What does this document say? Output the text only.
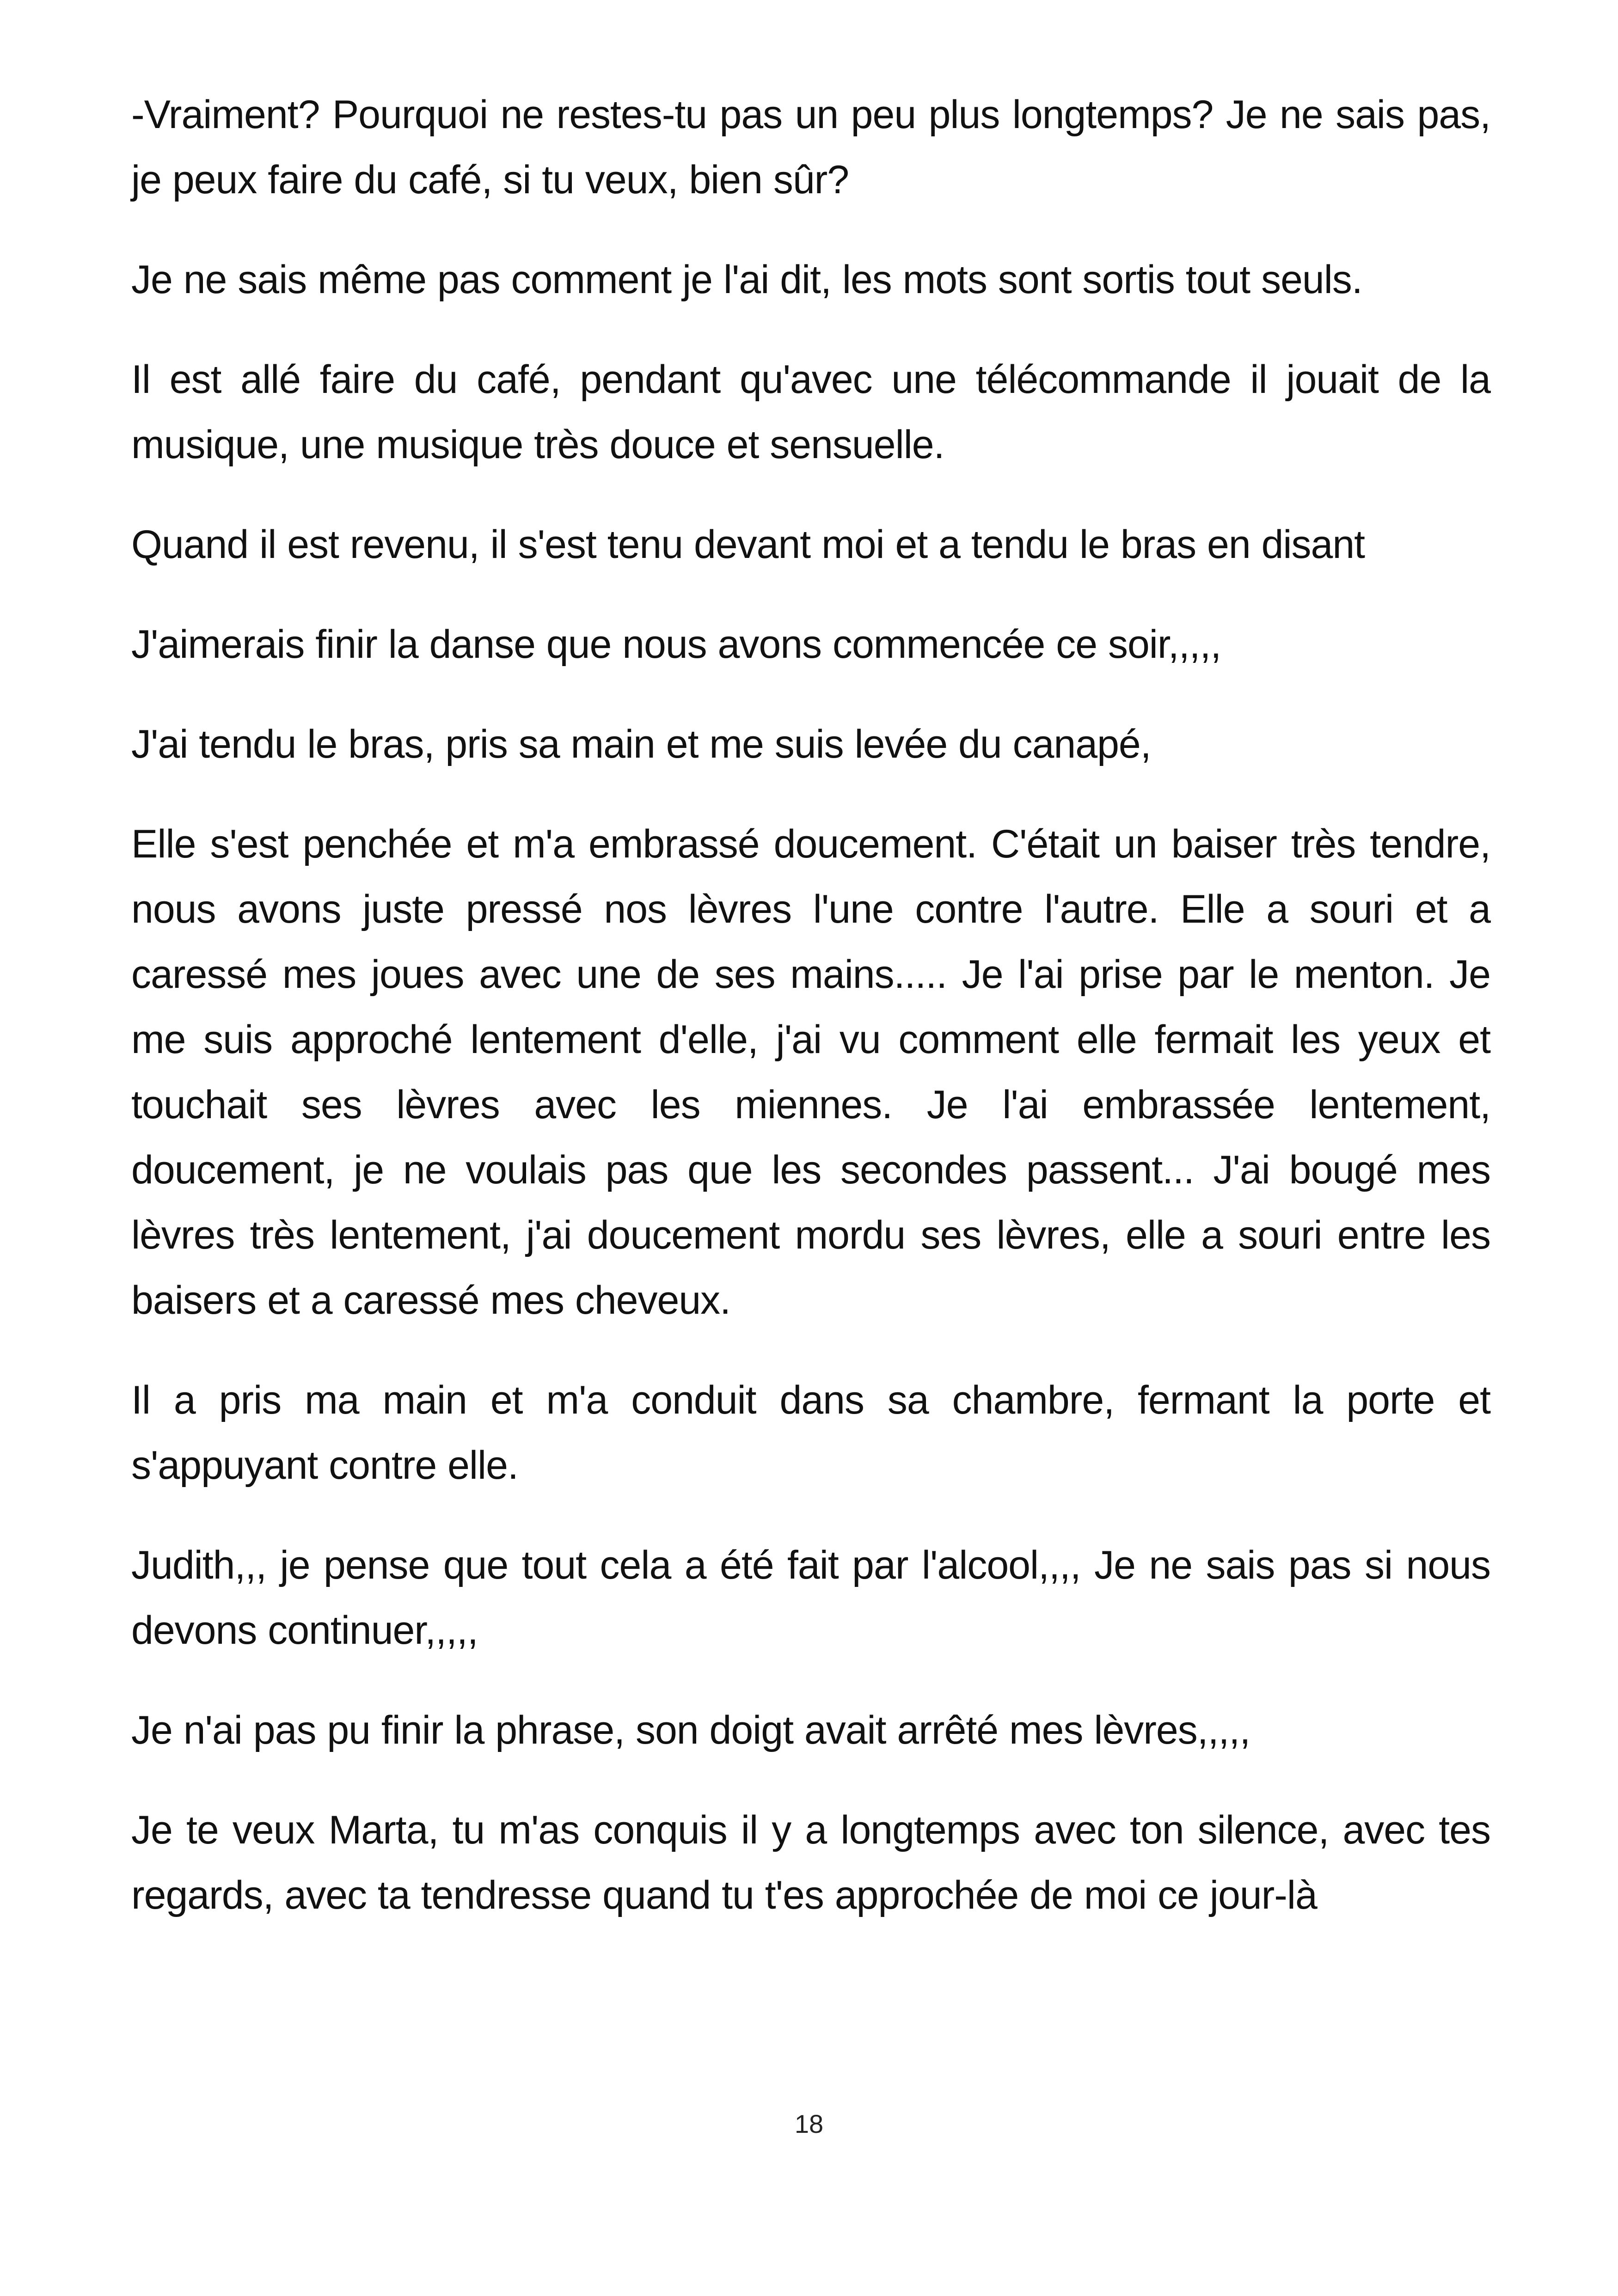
-Vraiment? Pourquoi ne restes-tu pas un peu plus longtemps? Je ne sais pas, je peux faire du café, si tu veux, bien sûr?

Je ne sais même pas comment je l'ai dit, les mots sont sortis tout seuls.

Il est allé faire du café, pendant qu'avec une télécommande il jouait de la musique, une musique très douce et sensuelle.

Quand il est revenu, il s'est tenu devant moi et a tendu le bras en disant

J'aimerais finir la danse que nous avons commencée ce soir,,,,,

J'ai tendu le bras, pris sa main et me suis levée du canapé,

Elle s'est penchée et m'a embrassé doucement. C'était un baiser très tendre, nous avons juste pressé nos lèvres l'une contre l'autre. Elle a souri et a caressé mes joues avec une de ses mains..... Je l'ai prise par le menton. Je me suis approché lentement d'elle, j'ai vu comment elle fermait les yeux et touchait ses lèvres avec les miennes. Je l'ai embrassée lentement, doucement, je ne voulais pas que les secondes passent... J'ai bougé mes lèvres très lentement, j'ai doucement mordu ses lèvres, elle a souri entre les baisers et a caressé mes cheveux.

Il a pris ma main et m'a conduit dans sa chambre, fermant la porte et s'appuyant contre elle.

Judith,,, je pense que tout cela a été fait par l'alcool,,,, Je ne sais pas si nous devons continuer,,,,,

Je n'ai pas pu finir la phrase, son doigt avait arrêté mes lèvres,,,,,

Je te veux Marta, tu m'as conquis il y a longtemps avec ton silence, avec tes regards, avec ta tendresse quand tu t'es approchée de moi ce jour-là

18
